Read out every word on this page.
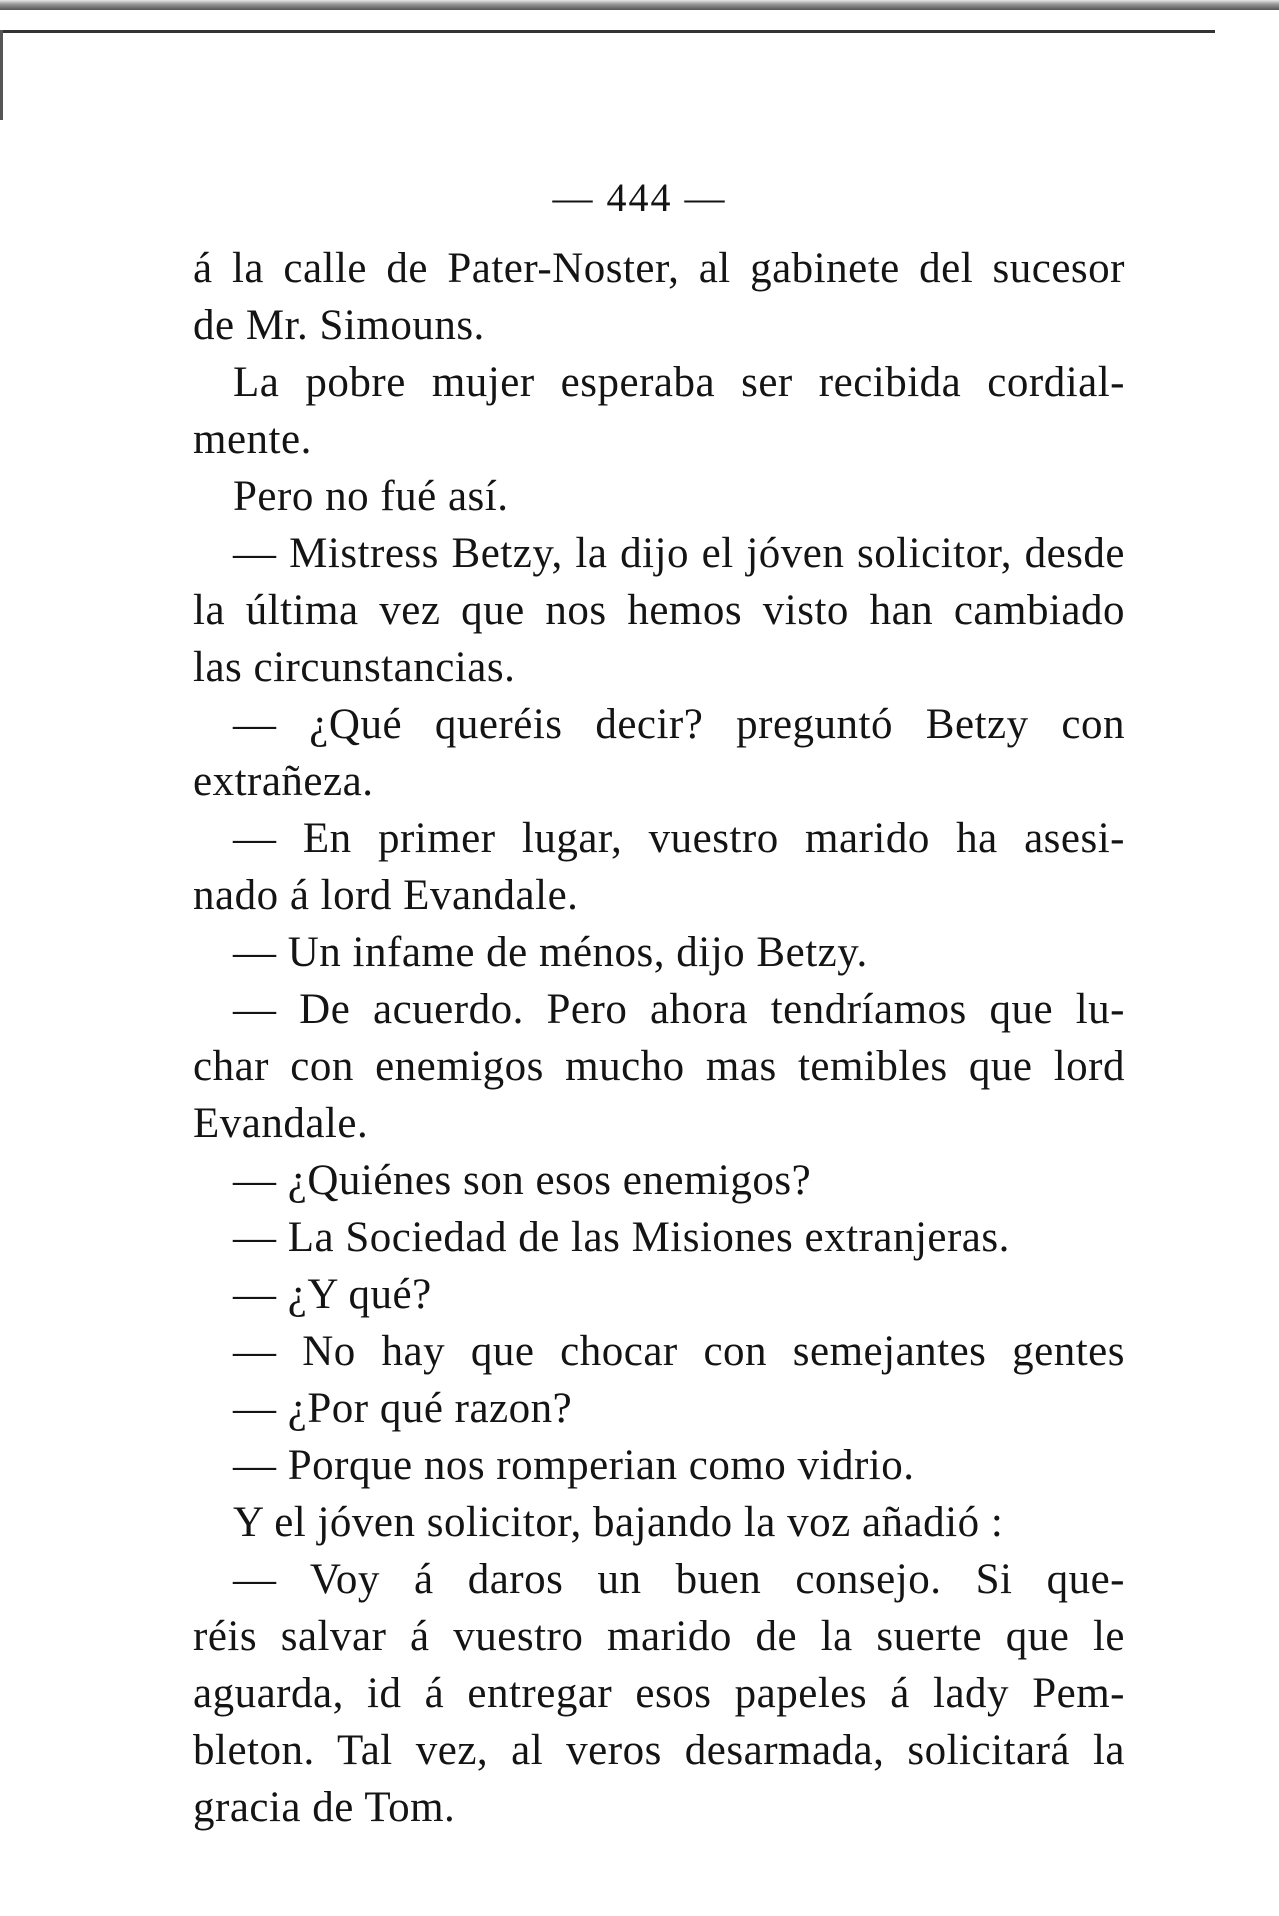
— 444 —
á la calle de Pater-Noster, al gabinete del sucesor
de Mr. Simouns.
La pobre mujer esperaba ser recibida cordial-
mente.
Pero no fué así.
— Mistress Betzy, la dijo el jóven solicitor, desde
la última vez que nos hemos visto han cambiado
las circunstancias.
— ¿Qué queréis decir? preguntó Betzy con
extrañeza.
— En primer lugar, vuestro marido ha asesi-
nado á lord Evandale.
— Un infame de ménos, dijo Betzy.
— De acuerdo. Pero ahora tendríamos que lu-
char con enemigos mucho mas temibles que lord
Evandale.
— ¿Quiénes son esos enemigos?
— La Sociedad de las Misiones extranjeras.
— ¿Y qué?
— No hay que chocar con semejantes gentes
— ¿Por qué razon?
— Porque nos romperian como vidrio.
Y el jóven solicitor, bajando la voz añadió :
— Voy á daros un buen consejo. Si que-
réis salvar á vuestro marido de la suerte que le
aguarda, id á entregar esos papeles á lady Pem-
bleton. Tal vez, al veros desarmada, solicitará la
gracia de Tom.
